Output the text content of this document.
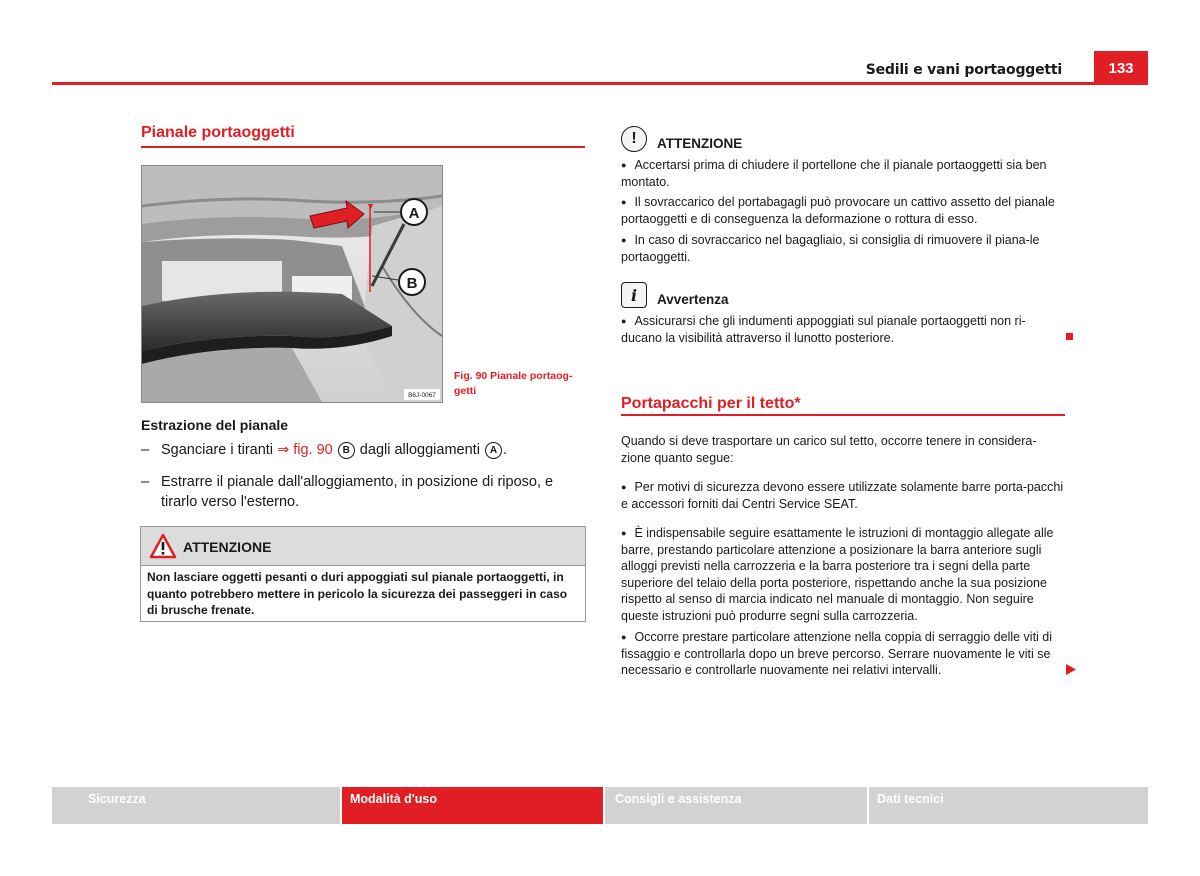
Sedili e vani portaoggetti	133
Pianale portaoggetti
A
B
B6J-0067
Fig. 90 Pianale portaog-
getti
Estrazione del pianale
– Sganciare i tiranti ⇒ fig. 90 B dagli alloggiamenti A .
– Estrarre il pianale dall'alloggiamento, in posizione di riposo, e tirarlo verso l'esterno.
ATTENZIONE
Non lasciare oggetti pesanti o duri appoggiati sul pianale portaoggetti, in quanto potrebbero mettere in pericolo la sicurezza dei passeggeri in caso di brusche frenate.
! ATTENZIONE
● Accertarsi prima di chiudere il portellone che il pianale portaoggetti sia ben montato.
● Il sovraccarico del portabagagli può provocare un cattivo assetto del pianale portaoggetti e di conseguenza la deformazione o rottura di esso.
● In caso di sovraccarico nel bagagliaio, si consiglia di rimuovere il piana-le portaoggetti.
i Avvertenza
● Assicurarsi che gli indumenti appoggiati sul pianale portaoggetti non ri-ducano la visibilità attraverso il lunotto posteriore.
Portapacchi per il tetto*
Quando si deve trasportare un carico sul tetto, occorre tenere in considera-zione quanto segue:
● Per motivi di sicurezza devono essere utilizzate solamente barre porta-pacchi e accessori forniti dai Centri Service SEAT.
● È indispensabile seguire esattamente le istruzioni di montaggio allegate alle barre, prestando particolare attenzione a posizionare la barra anteriore sugli alloggi previsti nella carrozzeria e la barra posteriore tra i segni della parte superiore del telaio della porta posteriore, rispettando anche la sua posizione rispetto al senso di marcia indicato nel manuale di montaggio. Non seguire queste istruzioni può produrre segni sulla carrozzeria.
● Occorre prestare particolare attenzione nella coppia di serraggio delle viti di fissaggio e controllarla dopo un breve percorso. Serrare nuovamente le viti se necessario e controllarle nuovamente nei relativi intervalli.
Sicurezza	Modalità d'uso	Consigli e assistenza	Dati tecnici
